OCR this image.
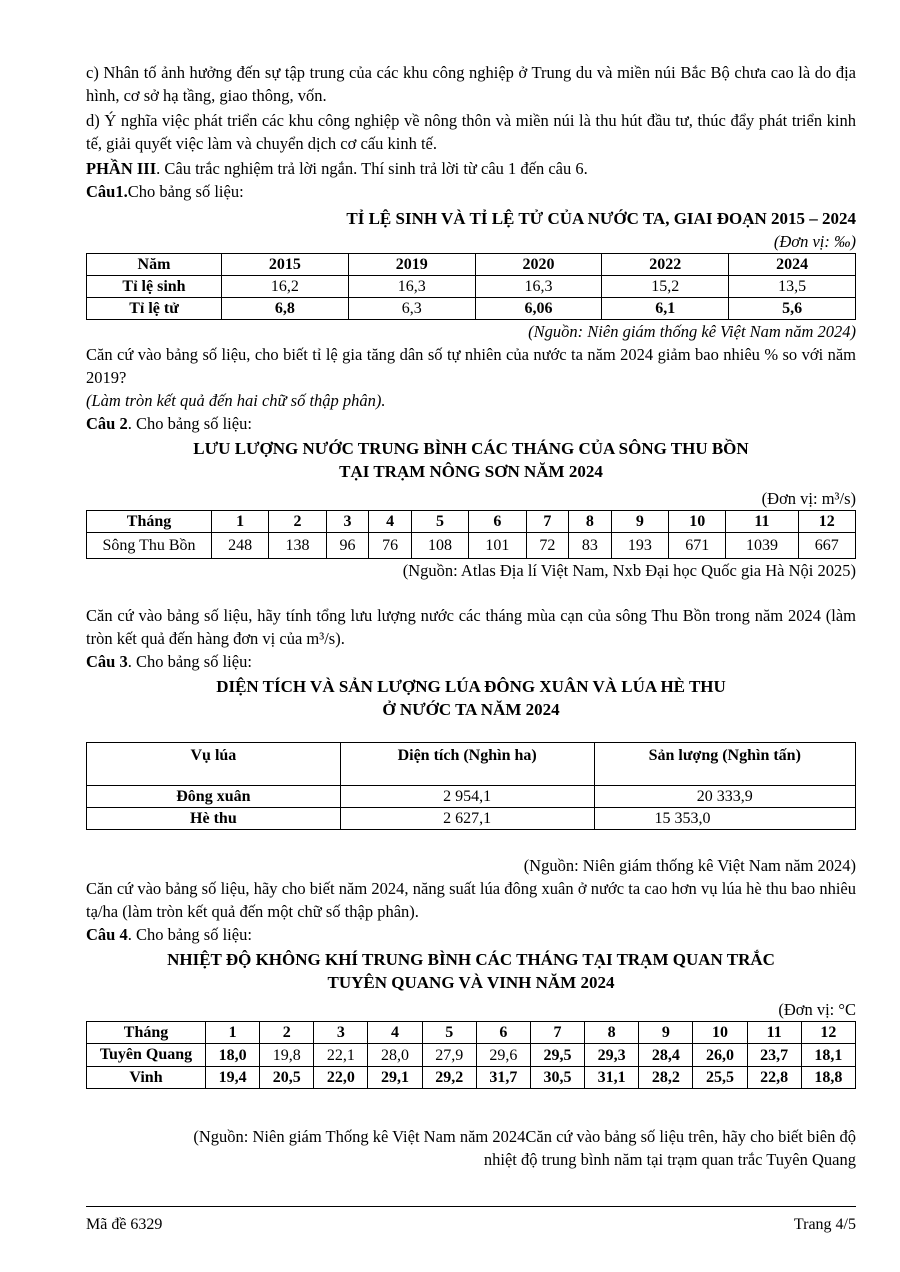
c) Nhân tố ảnh hưởng đến sự tập trung của các khu công nghiệp ở Trung du và miền núi Bắc Bộ chưa cao là do địa hình, cơ sở hạ tầng, giao thông, vốn.

d) Ý nghĩa việc phát triển các khu công nghiệp về nông thôn và miền núi là thu hút đầu tư, thúc đẩy phát triển kinh tế, giải quyết việc làm và chuyển dịch cơ cấu kinh tế.

PHẦN III. Câu trắc nghiệm trả lời ngắn. Thí sinh trả lời từ câu 1 đến câu 6.

Câu1.Cho bảng số liệu:

TỈ LỆ SINH VÀ TỈ LỆ TỬ CỦA NƯỚC TA, GIAI ĐOẠN 2015 – 2024

(Đơn vị: ‰)

Năm	2015	2019	2020	2022	2024
Tỉ lệ sinh	16,2	16,3	16,3	15,2	13,5
Tỉ lệ tử	6,8	6,3	6,06	6,1	5,6

(Nguồn: Niên giám thống kê Việt Nam năm 2024)

Căn cứ vào bảng số liệu, cho biết tỉ lệ gia tăng dân số tự nhiên của nước ta năm 2024 giảm bao nhiêu % so với năm 2019?

(Làm tròn kết quả đến hai chữ số thập phân).

Câu 2. Cho bảng số liệu:

LƯU LƯỢNG NƯỚC TRUNG BÌNH CÁC THÁNG CỦA SÔNG THU BỒN

TẠI TRẠM NÔNG SƠN NĂM 2024

(Đơn vị: m³/s)

Tháng	1	2	3	4	5	6	7	8	9	10	11	12
Sông Thu Bồn	248	138	96	76	108	101	72	83	193	671	1039	667

(Nguồn: Atlas Địa lí Việt Nam, Nxb Đại học Quốc gia Hà Nội 2025)

Căn cứ vào bảng số liệu, hãy tính tổng lưu lượng nước các tháng mùa cạn của sông Thu Bồn trong năm 2024 (làm tròn kết quả đến hàng đơn vị của m³/s).

Câu 3. Cho bảng số liệu:

DIỆN TÍCH VÀ SẢN LƯỢNG LÚA ĐÔNG XUÂN VÀ LÚA HÈ THU

Ở NƯỚC TA NĂM 2024

Vụ lúa	Diện tích (Nghìn ha)	Sản lượng (Nghìn tấn)
Đông xuân	2 954,1	20 333,9
Hè thu	2 627,1	15 353,0

(Nguồn: Niên giám thống kê Việt Nam năm 2024)

Căn cứ vào bảng số liệu, hãy cho biết năm 2024, năng suất lúa đông xuân ở nước ta cao hơn vụ lúa hè thu bao nhiêu tạ/ha (làm tròn kết quả đến một chữ số thập phân).

Câu 4. Cho bảng số liệu:

NHIỆT ĐỘ KHÔNG KHÍ TRUNG BÌNH CÁC THÁNG TẠI TRẠM QUAN TRẮC

TUYÊN QUANG VÀ VINH NĂM 2024

(Đơn vị: °C

Tháng	1	2	3	4	5	6	7	8	9	10	11	12
Tuyên Quang	18,0	19,8	22,1	28,0	27,9	29,6	29,5	29,3	28,4	26,0	23,7	18,1
Vinh	19,4	20,5	22,0	29,1	29,2	31,7	30,5	31,1	28,2	25,5	22,8	18,8

(Nguồn: Niên giám Thống kê Việt Nam năm 2024Căn cứ vào bảng số liệu trên, hãy cho biết biên độ

nhiệt độ trung bình năm tại trạm quan trắc Tuyên Quang

Mã đề 6329	Trang 4/5
